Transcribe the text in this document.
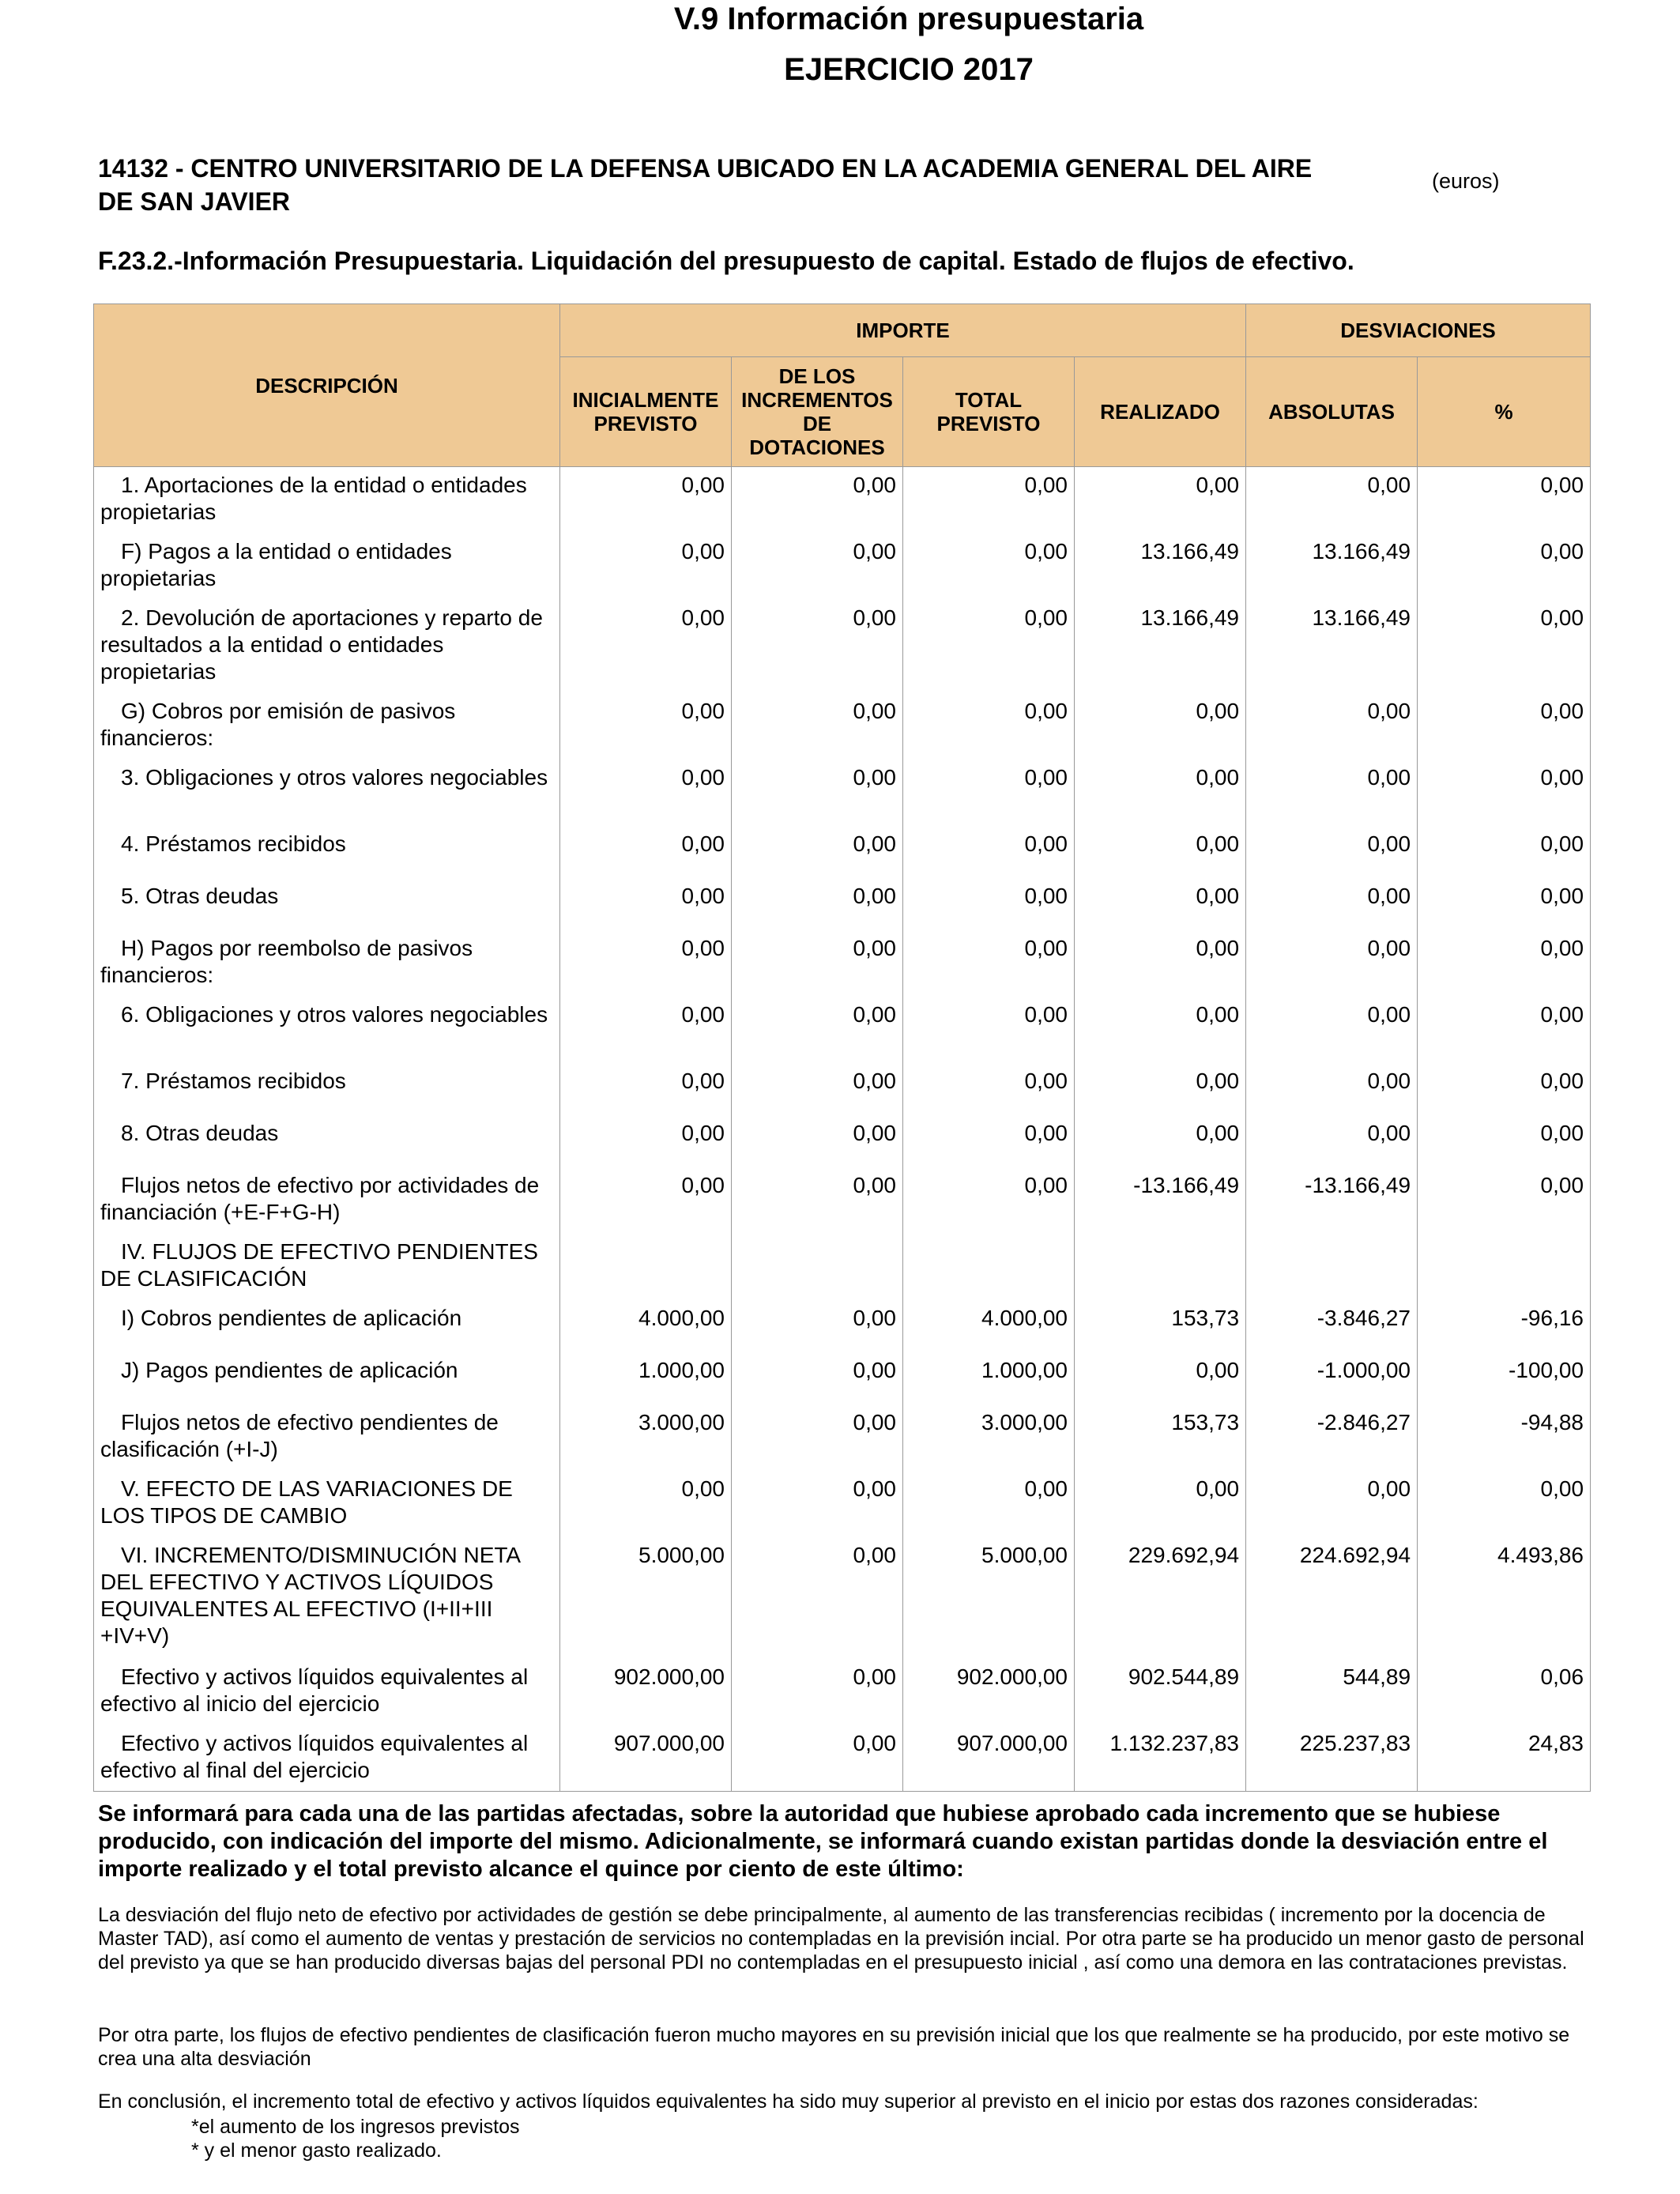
V.9 Información presupuestaria
EJERCICIO 2017
14132 - CENTRO UNIVERSITARIO DE LA DEFENSA UBICADO EN LA ACADEMIA GENERAL DEL AIRE DE SAN JAVIER
(euros)
F.23.2.-Información Presupuestaria. Liquidación del presupuesto de capital. Estado de flujos de efectivo.
DESCRIPCIÓN	IMPORTE				DESVIACIONES	
	INICIALMENTE PREVISTO	DE LOS INCREMENTOS DE DOTACIONES	TOTAL PREVISTO	REALIZADO	ABSOLUTAS	%
1. Aportaciones de la entidad o entidades propietarias	0,00	0,00	0,00	0,00	0,00	0,00
F) Pagos a la entidad o entidades propietarias	0,00	0,00	0,00	13.166,49	13.166,49	0,00
2. Devolución de aportaciones y reparto de resultados a la entidad o entidades propietarias	0,00	0,00	0,00	13.166,49	13.166,49	0,00
G) Cobros por emisión de pasivos financieros:	0,00	0,00	0,00	0,00	0,00	0,00
3. Obligaciones y otros valores negociables	0,00	0,00	0,00	0,00	0,00	0,00
4. Préstamos recibidos	0,00	0,00	0,00	0,00	0,00	0,00
5. Otras deudas	0,00	0,00	0,00	0,00	0,00	0,00
H) Pagos por reembolso de pasivos financieros:	0,00	0,00	0,00	0,00	0,00	0,00
6. Obligaciones y otros valores negociables	0,00	0,00	0,00	0,00	0,00	0,00
7. Préstamos recibidos	0,00	0,00	0,00	0,00	0,00	0,00
8. Otras deudas	0,00	0,00	0,00	0,00	0,00	0,00
Flujos netos de efectivo por actividades de financiación (+E-F+G-H)	0,00	0,00	0,00	-13.166,49	-13.166,49	0,00
IV. FLUJOS DE EFECTIVO PENDIENTES DE CLASIFICACIÓN						
I) Cobros pendientes de aplicación	4.000,00	0,00	4.000,00	153,73	-3.846,27	-96,16
J) Pagos pendientes de aplicación	1.000,00	0,00	1.000,00	0,00	-1.000,00	-100,00
Flujos netos de efectivo pendientes de clasificación (+I-J)	3.000,00	0,00	3.000,00	153,73	-2.846,27	-94,88
V. EFECTO DE LAS VARIACIONES DE LOS TIPOS DE CAMBIO	0,00	0,00	0,00	0,00	0,00	0,00
VI. INCREMENTO/DISMINUCIÓN NETA DEL EFECTIVO Y ACTIVOS LÍQUIDOS EQUIVALENTES AL EFECTIVO (I+II+III +IV+V)	5.000,00	0,00	5.000,00	229.692,94	224.692,94	4.493,86
Efectivo y activos líquidos equivalentes al efectivo al inicio del ejercicio	902.000,00	0,00	902.000,00	902.544,89	544,89	0,06
Efectivo y activos líquidos equivalentes al efectivo al final del ejercicio	907.000,00	0,00	907.000,00	1.132.237,83	225.237,83	24,83
Se informará para cada una de las partidas afectadas, sobre la autoridad que hubiese aprobado cada incremento que se hubiese producido, con indicación del importe del mismo. Adicionalmente, se informará cuando existan partidas donde la desviación entre el importe realizado y el total previsto alcance el quince por ciento de este último:
La desviación del flujo neto de efectivo por actividades de gestión se debe principalmente, al aumento de las transferencias recibidas ( incremento por la docencia de Master TAD), así como el aumento de ventas y prestación de servicios no contempladas en la previsión incial. Por otra parte se ha producido un menor gasto de personal del previsto ya que se han producido diversas bajas del personal PDI no contempladas en el presupuesto inicial , así como una demora en las contrataciones previstas.
Por otra parte, los flujos de efectivo pendientes de clasificación fueron mucho mayores en su previsión inicial que los que realmente se ha producido, por este motivo se crea una alta desviación
En conclusión, el incremento total de efectivo y activos líquidos equivalentes ha sido muy superior al previsto en el inicio por estas dos razones consideradas:
*el aumento de los ingresos previstos
* y el menor gasto realizado.
